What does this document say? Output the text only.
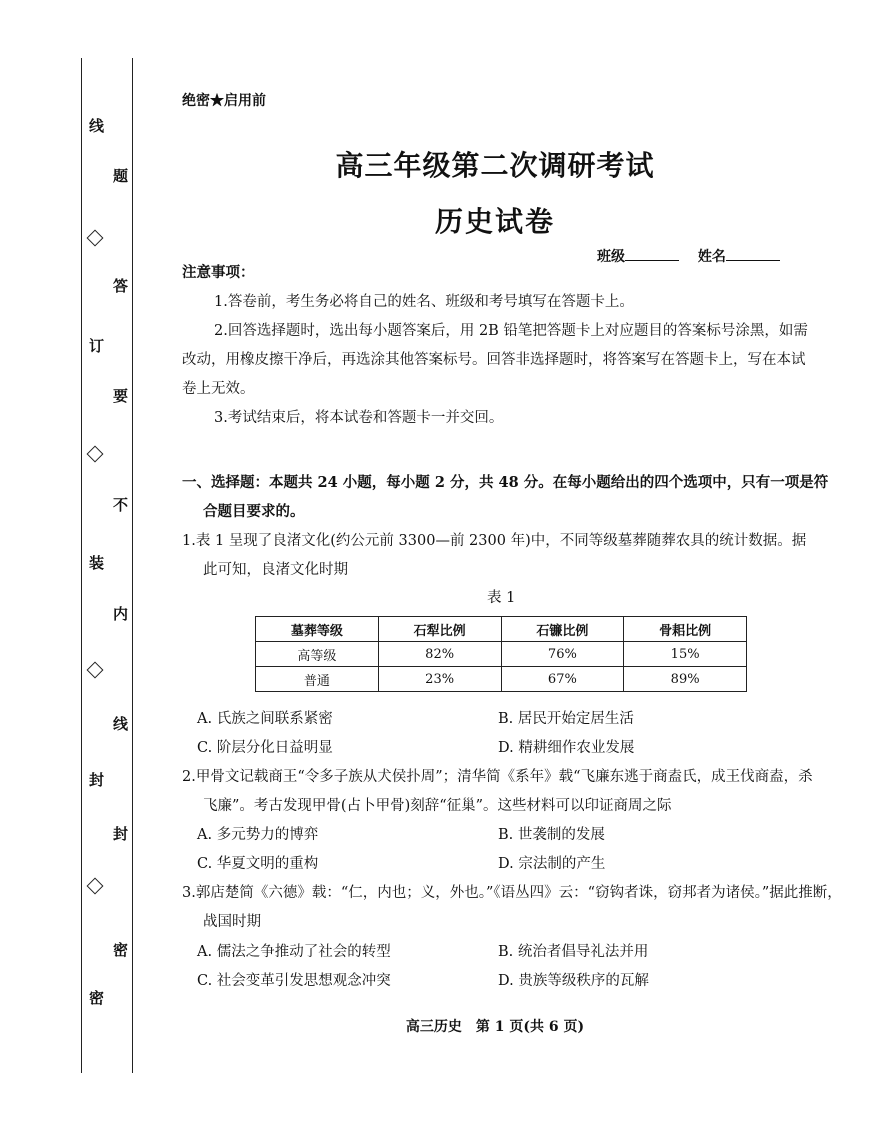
线
订
装
封
密
题
答
要
不
内
线
封
密
绝密★启用前
高三年级第二次调研考试
历史试卷
班级	姓名
注意事项：
1.答卷前，考生务必将自己的姓名、班级和考号填写在答题卡上。
2.回答选择题时，选出每小题答案后，用 2B 铅笔把答题卡上对应题目的答案标号涂黑，如需
改动，用橡皮擦干净后，再选涂其他答案标号。回答非选择题时，将答案写在答题卡上，写在本试
卷上无效。
3.考试结束后，将本试卷和答题卡一并交回。
一、选择题：本题共 24 小题，每小题 2 分，共 48 分。在每小题给出的四个选项中，只有一项是符
合题目要求的。
1.表 1 呈现了良渚文化(约公元前 3300—前 2300 年)中，不同等级墓葬随葬农具的统计数据。据
此可知，良渚文化时期
表 1
墓葬等级	石犁比例	石镰比例	骨耜比例
高等级	82%	76%	15%
普通	23%	67%	89%
A. 氏族之间联系紧密	B. 居民开始定居生活
C. 阶层分化日益明显	D. 精耕细作农业发展
2.甲骨文记载商王“令多子族从犬侯扑周”；清华简《系年》载“飞廉东逃于商盍氏，成王伐商盍，杀
飞廉”。考古发现甲骨(占卜甲骨)刻辞“征巢”。这些材料可以印证商周之际
A. 多元势力的博弈	B. 世袭制的发展
C. 华夏文明的重构	D. 宗法制的产生
3.郭店楚简《六德》载：“仁，内也；义，外也。”《语丛四》云：“窃钩者诛，窃邦者为诸侯。”据此推断，
战国时期
A. 儒法之争推动了社会的转型	B. 统治者倡导礼法并用
C. 社会变革引发思想观念冲突	D. 贵族等级秩序的瓦解
高三历史　第 1 页(共 6 页)
